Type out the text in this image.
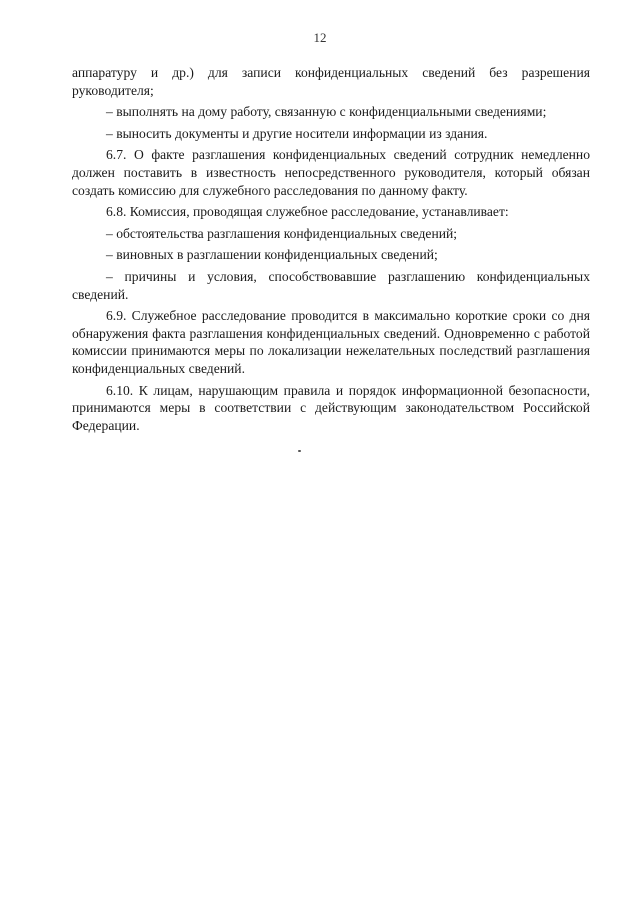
12

аппаратуру и др.) для записи конфиденциальных сведений без разрешения руководителя;

– выполнять на дому работу, связанную с конфиденциальными сведениями;

– выносить документы и другие носители информации из здания.

6.7. О факте разглашения конфиденциальных сведений сотрудник немедленно должен поставить в известность непосредственного руководителя, который обязан создать комиссию для служебного расследования по данному факту.

6.8. Комиссия, проводящая служебное расследование, устанавливает:

– обстоятельства разглашения конфиденциальных сведений;

– виновных в разглашении конфиденциальных сведений;

– причины и условия, способствовавшие разглашению конфиденциальных сведений.

6.9. Служебное расследование проводится в максимально короткие сроки со дня обнаружения факта разглашения конфиденциальных сведений. Одновременно с работой комиссии принимаются меры по локализации нежелательных последствий разглашения конфиденциальных сведений.

6.10. К лицам, нарушающим правила и порядок информационной безопасности, принимаются меры в соответствии с действующим законодательством Российской Федерации.
